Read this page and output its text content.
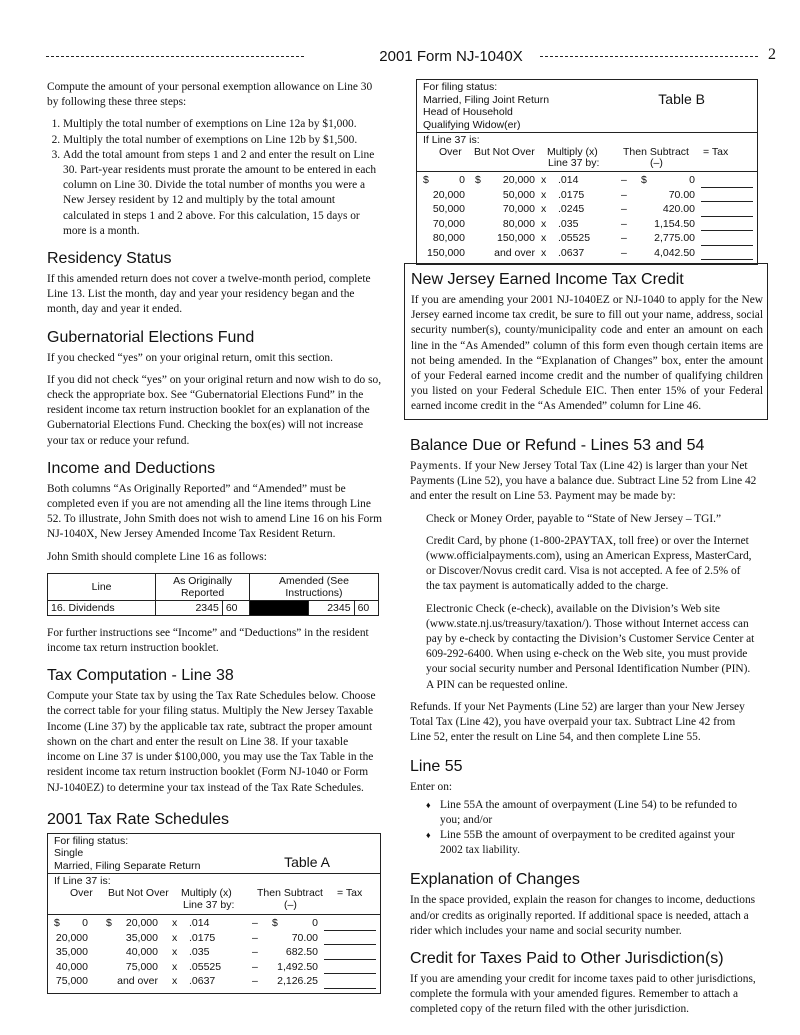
2001 Form NJ-1040X	2

Compute the amount of your personal exemption allowance on Line 30 by following these three steps:

1. Multiply the total number of exemptions on Line 12a by $1,000.
2. Multiply the total number of exemptions on Line 12b by $1,500.
3. Add the total amount from steps 1 and 2 and enter the result on Line 30. Part-year residents must prorate the amount to be entered in each column on Line 30. Divide the total number of months you were a New Jersey resident by 12 and multiply by the total amount calculated in steps 1 and 2 above. For this calculation, 15 days or more is a month.
Residency Status

If this amended return does not cover a twelve-month period, complete Line 13. List the month, day and year your residency began and the month, day and year it ended.

Gubernatorial Elections Fund

If you checked “yes” on your original return, omit this section.

If you did not check “yes” on your original return and now wish to do so, check the appropriate box. See “Gubernatorial Elections Fund” in the resident income tax return instruction booklet for an explanation of the Gubernatorial Elections Fund. Checking the box(es) will not increase your tax or reduce your refund.

Income and Deductions

Both columns “As Originally Reported” and “Amended” must be completed even if you are not amending all the line items through Line 52. To illustrate, John Smith does not wish to amend Line 16 on his Form NJ-1040X, New Jersey Amended Income Tax Resident Return.

John Smith should complete Line 16 as follows:

Line	As Originally Reported		Amended (See Instructions)		
16. Dividends	2345	60		2345	60

For further instructions see “Income” and “Deductions” in the resident income tax return instruction booklet.

Tax Computation - Line 38

Compute your State tax by using the Tax Rate Schedules below. Choose the correct table for your filing status. Multiply the New Jersey Taxable Income (Line 37) by the applicable tax rate, subtract the proper amount shown on the chart and enter the result on Line 38. If your taxable income on Line 37 is under $100,000, you may use the Tax Table in the resident income tax return instruction booklet (Form NJ-1040 or Form NJ-1040EZ) to determine your tax instead of the Tax Rate Schedules.

2001 Tax Rate Schedules
For filing status:
Single
Married, Filing Separate Return	Table A
If Line 37 is:
Over But Not Over Multiply (x)
Line 37 by:
Then Subtract
(–)
= Tax
$ 0 $ 20,000 x .014	– $	0
20,000	35,000 x .0175	–	70.00
35,000	40,000 x .035	–	682.50
40,000	75,000 x .05525	– 1,492.50
75,000	and over x .0637	– 2,126.25
For filing status:
Married, Filing Joint Return
Head of Household
Qualifying Widow(er)
Table B
If Line 37 is:
Over But Not Over Multiply (x)
Line 37 by:
Then Subtract
(–)
= Tax
$	0 $ 20,000 x .014	– $	0
20,000	50,000 x .0175	–	70.00
50,000	70,000 x .0245	–	420.00
70,000	80,000 x .035	–	1,154.50
80,000	150,000 x .05525	–	2,775.00
150,000	and over x .0637	–	4,042.50
New Jersey Earned Income Tax Credit

If you are amending your 2001 NJ-1040EZ or NJ-1040 to apply for the New Jersey earned income tax credit, be sure to fill out your name, address, social security number(s), county/municipality code and enter an amount on each line in the “As Amended” column of this form even though certain items are not being amended. In the “Explanation of Changes” box, enter the amount of your Federal earned income credit and the number of qualifying children you listed on your Federal Schedule EIC. Then enter 15% of your Federal earned income credit in the “As Amended” column for Line 46.

Balance Due or Refund - Lines 53 and 54

Payments. If your New Jersey Total Tax (Line 42) is larger than your Net Payments (Line 52), you have a balance due. Subtract Line 52 from Line 42 and enter the result on Line 53. Payment may be made by:

Check or Money Order, payable to “State of New Jersey – TGI.”

Credit Card, by phone (1-800-2PAYTAX, toll free) or over the Internet (www.officialpayments.com), using an American Express, MasterCard, or Discover/Novus credit card. Visa is not accepted. A fee of 2.5% of the tax payment is automatically added to the charge.

Electronic Check (e-check), available on the Division’s Web site (www.state.nj.us/treasury/taxation/). Those without Internet access can pay by e-check by contacting the Division’s Customer Service Center at 609-292-6400. When using e-check on the Web site, you must provide your social security number and Personal Identification Number (PIN). A PIN can be requested online.

Refunds. If your Net Payments (Line 52) are larger than your New Jersey Total Tax (Line 42), you have overpaid your tax. Subtract Line 42 from Line 52, enter the result on Line 54, and then complete Line 55.

Line 55
Enter on:
♦ Line 55A the amount of overpayment (Line 54) to be refunded to you; and/or
♦ Line 55B the amount of overpayment to be credited against your 2002 tax liability.
Explanation of Changes

In the space provided, explain the reason for changes to income, deductions and/or credits as originally reported. If additional space is needed, attach a rider which includes your name and social security number.

Credit for Taxes Paid to Other Jurisdiction(s)

If you are amending your credit for income taxes paid to other jurisdictions, complete the formula with your amended figures. Remember to attach a completed copy of the return filed with the other jurisdiction.
